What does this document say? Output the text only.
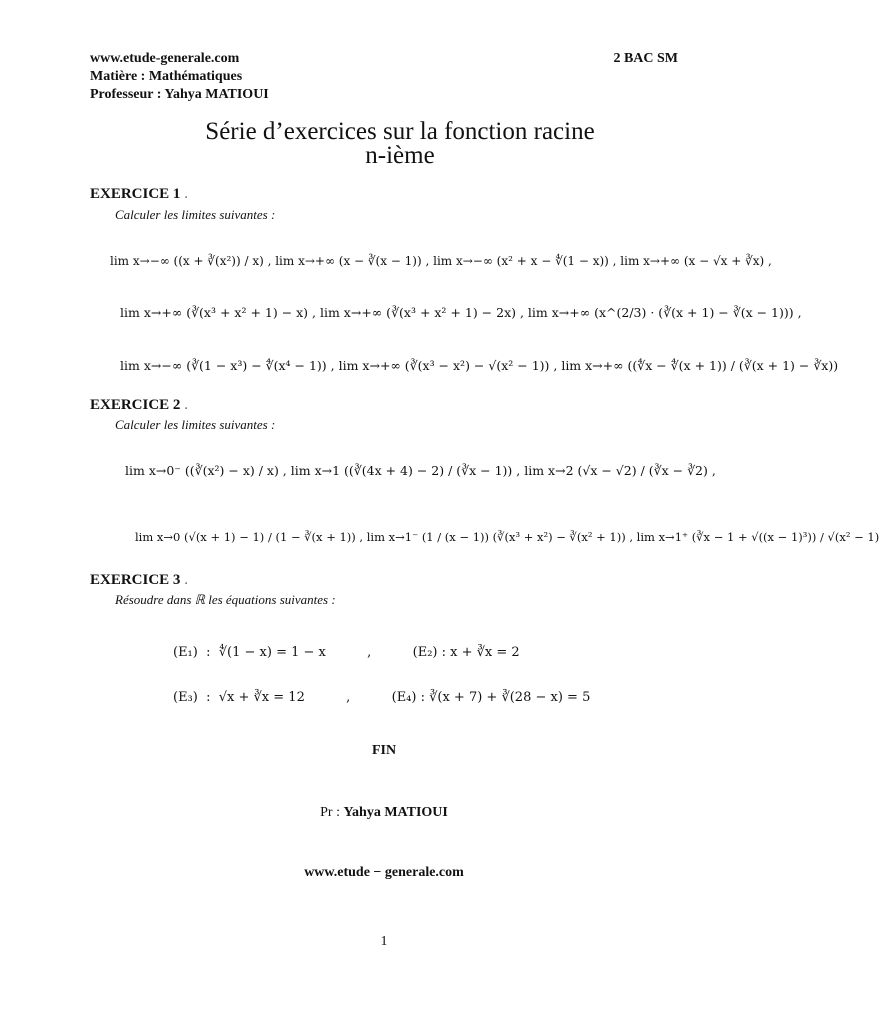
www.etude-generale.com	2 BAC SM
Matière : Mathématiques
Professeur : Yahya MATIOUI
Série d’exercices sur la fonction racine
n-ième
EXERCICE 1 .
Calculer les limites suivantes :
lim x→−∞ ((x + ∛(x²)) / x) , lim x→+∞ (x − ∛(x − 1)) , lim x→−∞ (x² + x − ∜(1 − x)) , lim x→+∞ (x − √x + ∛x) ,
lim x→+∞ (∛(x³ + x² + 1) − x) , lim x→+∞ (∛(x³ + x² + 1) − 2x) , lim x→+∞ (x^(2/3) · (∛(x + 1) − ∛(x − 1))) ,
lim x→−∞ (∛(1 − x³) − ∜(x⁴ − 1)) , lim x→+∞ (∛(x³ − x²) − √(x² − 1)) , lim x→+∞ ((∜x − ∜(x + 1)) / (∛(x + 1) − ∛x))
EXERCICE 2 .
Calculer les limites suivantes :
lim x→0⁻ ((∛(x²) − x) / x) , lim x→1 ((∛(4x + 4) − 2) / (∛x − 1)) , lim x→2 (√x − √2) / (∛x − ∛2) ,
lim x→0 (√(x + 1) − 1) / (1 − ∛(x + 1)) , lim x→1⁻ (1 / (x − 1)) (∛(x³ + x²) − ∛(x² + 1)) , lim x→1⁺ (∛x − 1 + √((x − 1)³)) / √(x² − 1)
EXERCICE 3 .
Résoudre dans ℝ les équations suivantes :
(E₁)  :  ∜(1 − x) = 1 − x          ,          (E₂) : x + ∛x = 2
(E₃)  :  √x + ∛x = 12          ,          (E₄) : ∛(x + 7) + ∛(28 − x) = 5
FIN
Pr : Yahya MATIOUI
www.etude − generale.com
1
